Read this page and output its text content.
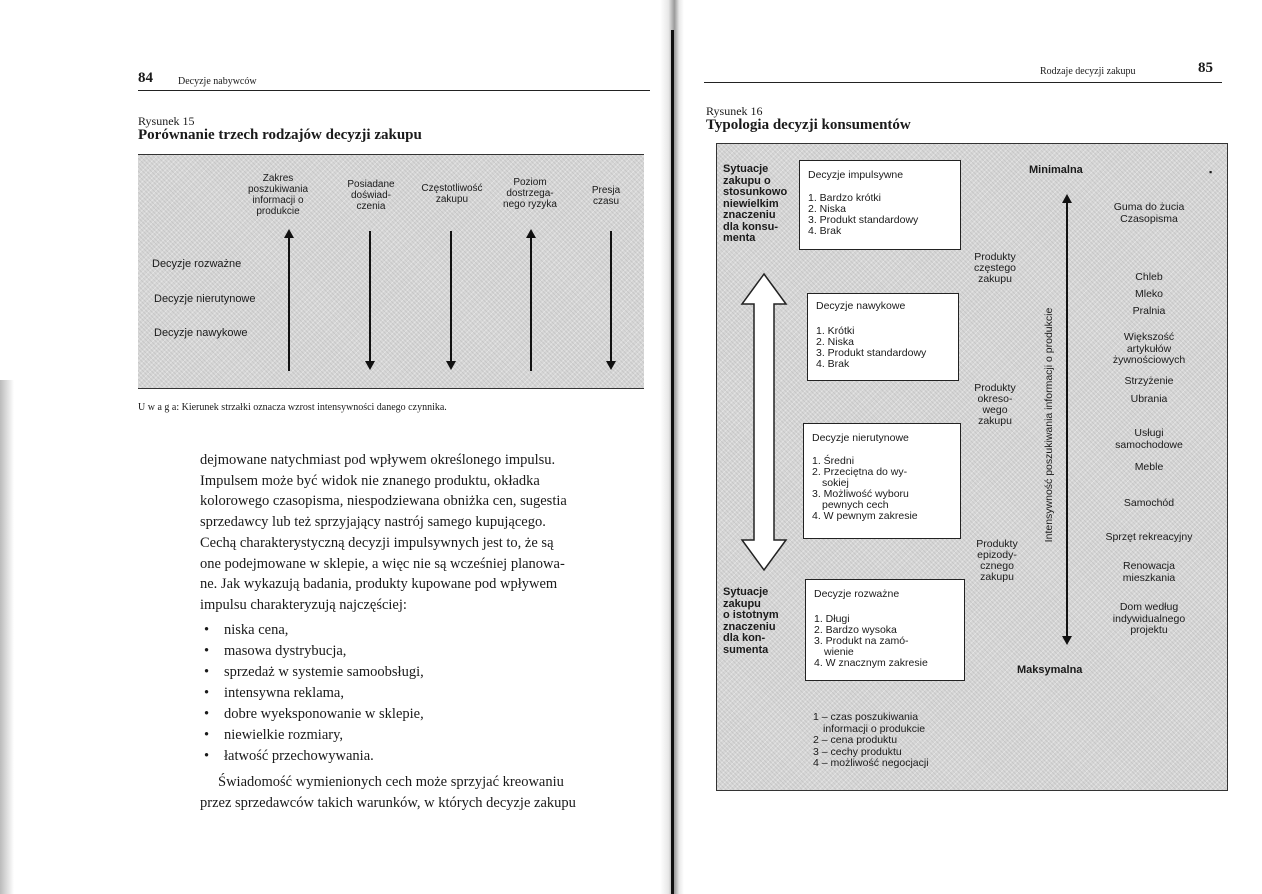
84	Decyzje nabywców
Rysunek 15
Porównanie trzech rodzajów decyzji zakupu
Zakres poszukiwania informacji o produkcie
Posiadane doświad- czenia
Częstotliwość zakupu
Poziom dostrzega- nego ryzyka
Presja czasu
Decyzje rozważne
Decyzje nierutynowe
Decyzje nawykowe
U w a g a: Kierunek strzałki oznacza wzrost intensywności danego czynnika.
dejmowane natychmiast pod wpływem określonego impulsu.
Impulsem może być widok nie znanego produktu, okładka
kolorowego czasopisma, niespodziewana obniżka cen, sugestia
sprzedawcy lub też sprzyjający nastrój samego kupującego.
Cechą charakterystyczną decyzji impulsywnych jest to, że są
one podejmowane w sklepie, a więc nie są wcześniej planowa-
ne. Jak wykazują badania, produkty kupowane pod wpływem
impulsu charakteryzują najczęściej:
• niska cena,
• masowa dystrybucja,
• sprzedaż w systemie samoobsługi,
• intensywna reklama,
• dobre wyeksponowanie w sklepie,
• niewielkie rozmiary,
• łatwość przechowywania.
Świadomość wymienionych cech może sprzyjać kreowaniu
przez sprzedawców takich warunków, w których decyzje zakupu
Rodzaje decyzji zakupu	85
Rysunek 16
Typologia decyzji konsumentów
Sytuacje
zakupu o
stosunkowo
niewielkim
znaczeniu
dla konsu-
menta
Sytuacje
zakupu
o istotnym
znaczeniu
dla kon-
sumenta
Decyzje impulsywne
1. Bardzo krótki
2. Niska
3. Produkt standardowy
4. Brak
Decyzje nawykowe
1. Krótki
2. Niska
3. Produkt standardowy
4. Brak
Decyzje nierutynowe
1. Średni
2. Przeciętna do wy-
sokiej
3. Możliwość wyboru
pewnych cech
4. W pewnym zakresie
Decyzje rozważne
1. Długi
2. Bardzo wysoka
3. Produkt na zamó-
wienie
4. W znacznym zakresie
Produkty
częstego
zakupu
Produkty
okreso-
wego
zakupu
Produkty
epizody-
cznego
zakupu
Minimalna	▪
Intensywność poszukiwania informacji o produkcie
Maksymalna
Guma do żucia
Czasopisma
Chleb
Mleko
Pralnia
Większość
artykułów
żywnościowych
Strzyżenie
Ubrania
Usługi
samochodowe
Meble
Samochód
Sprzęt rekreacyjny
Renowacja
mieszkania
Dom według
indywidualnego
projektu
1 – czas poszukiwania
informacji o produkcie
2 – cena produktu
3 – cechy produktu
4 – możliwość negocjacji
